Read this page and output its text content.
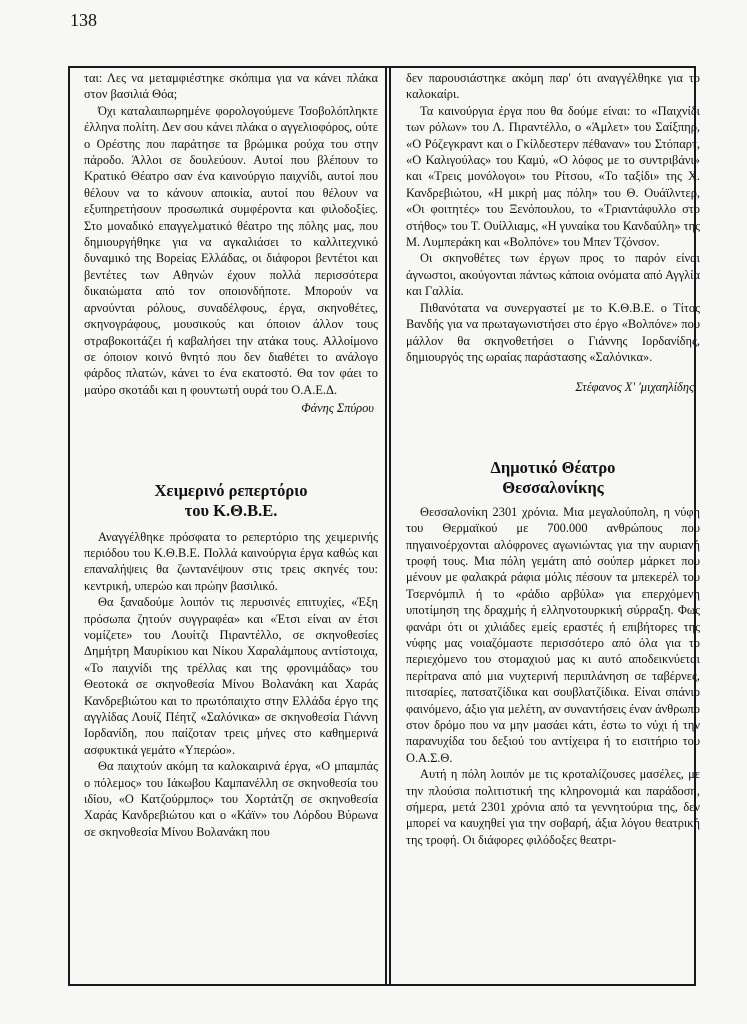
138

ται: Λες να μεταμφιέστηκε σκόπιμα για να κάνει πλάκα στον βασιλιά Θόα;

Όχι καταλαιπωρημένε φορολογούμενε Τσοβολόπληκτε έλληνα πολίτη. Δεν σου κάνει πλάκα ο αγγελιοφόρος, ούτε ο Ορέστης που παράτησε τα βρώμικα ρούχα του στην πάροδο. Άλλοι σε δουλεύουν. Αυτοί που βλέπουν το Κρατικό Θέατρο σαν ένα καινούργιο παιχνίδι, αυτοί που θέλουν να το κάνουν αποικία, αυτοί που θέλουν να εξυπηρετήσουν προσωπικά συμφέροντα και φιλοδοξίες. Στο μοναδικό επαγγελματικό θέατρο της πόλης μας, που δημιουργήθηκε για να αγκαλιάσει το καλλιτεχνικό δυναμικό της Βορείας Ελλάδας, οι διάφοροι βεντέτοι και βεντέτες των Αθηνών έχουν πολλά περισσότερα δικαιώματα από τον οποιονδήποτε. Μπορούν να αρνούνται ρόλους, συναδέλφους, έργα, σκηνοθέτες, σκηνογράφους, μουσικούς και όποιον άλλον τους στραβοκοιτάζει ή καβαλήσει την ατάκα τους. Αλλοίμονο σε όποιον κοινό θνητό που δεν διαθέτει το ανάλογο φάρδος πλατών, κάνει το ένα εκατοστό. Θα τον φάει το μαύρο σκοτάδι και η φουντωτή ουρά του Ο.Α.Ε.Δ.

Φάνης Σπύρου
Χειμερινό ρεπερτόριο
του Κ.Θ.Β.Ε.

Αναγγέλθηκε πρόσφατα το ρεπερτόριο της χειμερινής περιόδου του Κ.Θ.Β.Ε. Πολλά καινούργια έργα καθώς και επαναλήψεις θα ζωντανέψουν στις τρεις σκηνές του: κεντρική, υπερώο και πρώην βασιλικό.

Θα ξαναδούμε λοιπόν τις περυσινές επιτυχίες, «Έξη πρόσωπα ζητούν συγγραφέα» και «Έτσι είναι αν έτσι νομίζετε» του Λουίτζι Πιραντέλλο, σε σκηνοθεσίες Δημήτρη Μαυρίκιου και Νίκου Χαραλάμπους αντίστοιχα, «Το παιχνίδι της τρέλλας και της φρονιμάδας» του Θεοτοκά σε σκηνοθεσία Μίνου Βολανάκη και Χαράς Κανδρεβιώτου και το πρωτόπαιχτο στην Ελλάδα έργο της αγγλίδας Λουίζ Πέητζ «Σαλόνικα» σε σκηνοθεσία Γιάννη Ιορδανίδη, που παίζοταν τρεις μήνες στο καθημερινά ασφυκτικά γεμάτο «Υπερώο».

Θα παιχτούν ακόμη τα καλοκαιρινά έργα, «Ο μπαμπάς ο πόλεμος» του Ιάκωβου Καμπανέλλη σε σκηνοθεσία του ιδίου, «Ο Κατζούρμπος» του Χορτάτζη σε σκηνοθεσία Χαράς Κανδρεβιώτου και ο «Κάϊν» του Λόρδου Βύρωνα σε σκηνοθεσία Μίνου Βολανάκη που

δεν παρουσιάστηκε ακόμη παρ' ότι αναγγέλθηκε για το καλοκαίρι.

Τα καινούργια έργα που θα δούμε είναι: το «Παιχνίδι των ρόλων» του Λ. Πιραντέλλο, ο «Άμλετ» του Σαίξπηρ, «Ο Ρόζεγκραντ και ο Γκίλδεστερν πέθαναν» του Στόπαρτ, «Ο Καλιγούλας» του Καμύ, «Ο λόφος με το συντριβάνι» και «Τρεις μονόλογοι» του Ρίτσου, «Το ταξίδι» της Χ. Κανδρεβιώτου, «Η μικρή μας πόλη» του Θ. Ουάϊλντερ, «Οι φοιτητές» του Ξενόπουλου, το «Τριαντάφυλλο στο στήθος» του Τ. Ουίλλιαμς, «Η γυναίκα του Κανδαύλη» της Μ. Λυμπεράκη και «Βολπόνε» του Μπεν Τζόνσον.

Οι σκηνοθέτες των έργων προς το παρόν είναι άγνωστοι, ακούγονται πάντως κάποια ονόματα από Αγγλία και Γαλλία.

Πιθανότατα να συνεργαστεί με το Κ.Θ.Β.Ε. ο Τίτος Βανδής για να πρωταγωνιστήσει στο έργο «Βολπόνε» που μάλλον θα σκηνοθετήσει ο Γιάννης Ιορδανίδης, δημιουργός της ωραίας παράστασης «Σαλόνικα».

Στέφανος Χ' 'μιχαηλίδης
Δημοτικό Θέατρο
Θεσσαλονίκης

Θεσσαλονίκη 2301 χρόνια. Μια μεγαλούπολη, η νύφη του Θερμαϊκού με 700.000 ανθρώπους που πηγαινοέρχονται αλόφρονες αγωνιώντας για την αυριανή τροφή τους. Μια πόλη γεμάτη από σούπερ μάρκετ που μένουν με φαλακρά ράφια μόλις πέσουν τα μπεκερέλ του Τσερνόμπιλ ή το «ράδιο αρβύλα» για επερχόμενη υποτίμηση της δραχμής ή ελληνοτουρκική σύρραξη. Φως φανάρι ότι οι χιλιάδες εμείς εραστές ή επιβήτορες της νύφης μας νοιαζόμαστε περισσότερο από όλα για το περιεχόμενο του στομαχιού μας κι αυτό αποδεικνύεται περίτρανα από μια νυχτερινή περιπλάνηση σε ταβέρνες, πιτσαρίες, πατσατζίδικα και σουβλατζίδικα. Είναι σπάνιο φαινόμενο, άξιο για μελέτη, αν συναντήσεις έναν άνθρωπο στον δρόμο που να μην μασάει κάτι, έστω το νύχι ή την παρανυχίδα του δεξιού του αντίχειρα ή το εισιτήριο του Ο.Α.Σ.Θ.

Αυτή η πόλη λοιπόν με τις κροταλίζουσες μασέλες, με την πλούσια πολιτιστική της κληρονομιά και παράδοση, σήμερα, μετά 2301 χρόνια από τα γεννητούρια της, δεν μπορεί να καυχηθεί για την σοβαρή, άξια λόγου θεατρική της τροφή. Οι διάφορες φιλόδοξες θεατρι-
